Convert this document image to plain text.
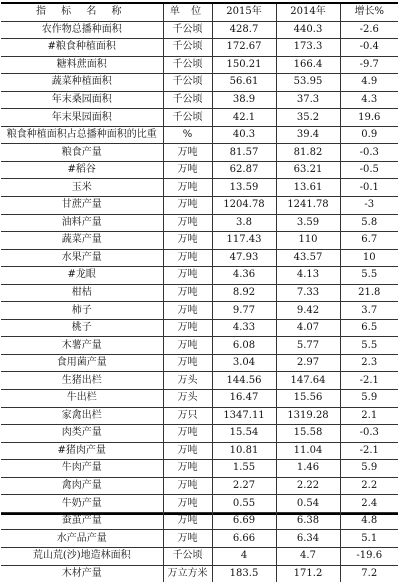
指 标 名 称	单 位	2015年	2014年	增长%
农作物总播种面积	千公顷	428.7	440.3	-2.6
#粮食种植面积	千公顷	172.67	173.3	-0.4
糖料蔗面积	千公顷	150.21	166.4	-9.7
蔬菜种植面积	千公顷	56.61	53.95	4.9
年末桑园面积	千公顷	38.9	37.3	4.3
年末果园面积	千公顷	42.1	35.2	19.6
粮食种植面积占总播种面积的比重	%	40.3	39.4	0.9
粮食产量	万吨	81.57	81.82	-0.3
#稻谷	万吨	62.87	63.21	-0.5
玉米	万吨	13.59	13.61	-0.1
甘蔗产量	万吨	1204.78	1241.78	-3
油料产量	万吨	3.8	3.59	5.8
蔬菜产量	万吨	117.43	110	6.7
水果产量	万吨	47.93	43.57	10
#龙眼	万吨	4.36	4.13	5.5
柑桔	万吨	8.92	7.33	21.8
柿子	万吨	9.77	9.42	3.7
桃子	万吨	4.33	4.07	6.5
木薯产量	万吨	6.08	5.77	5.5
食用菌产量	万吨	3.04	2.97	2.3
生猪出栏	万头	144.56	147.64	-2.1
牛出栏	万头	16.47	15.56	5.9
家禽出栏	万只	1347.11	1319.28	2.1
肉类产量	万吨	15.54	15.58	-0.3
#猪肉产量	万吨	10.81	11.04	-2.1
牛肉产量	万吨	1.55	1.46	5.9
禽肉产量	万吨	2.27	2.22	2.2
牛奶产量	万吨	0.55	0.54	2.4
蚕茧产量	万吨	6.69	6.38	4.8
水产品产量	万吨	6.66	6.34	5.1
荒山荒(沙)地造林面积	千公顷	4	4.7	-19.6
木材产量	万立方米	183.5	171.2	7.2
